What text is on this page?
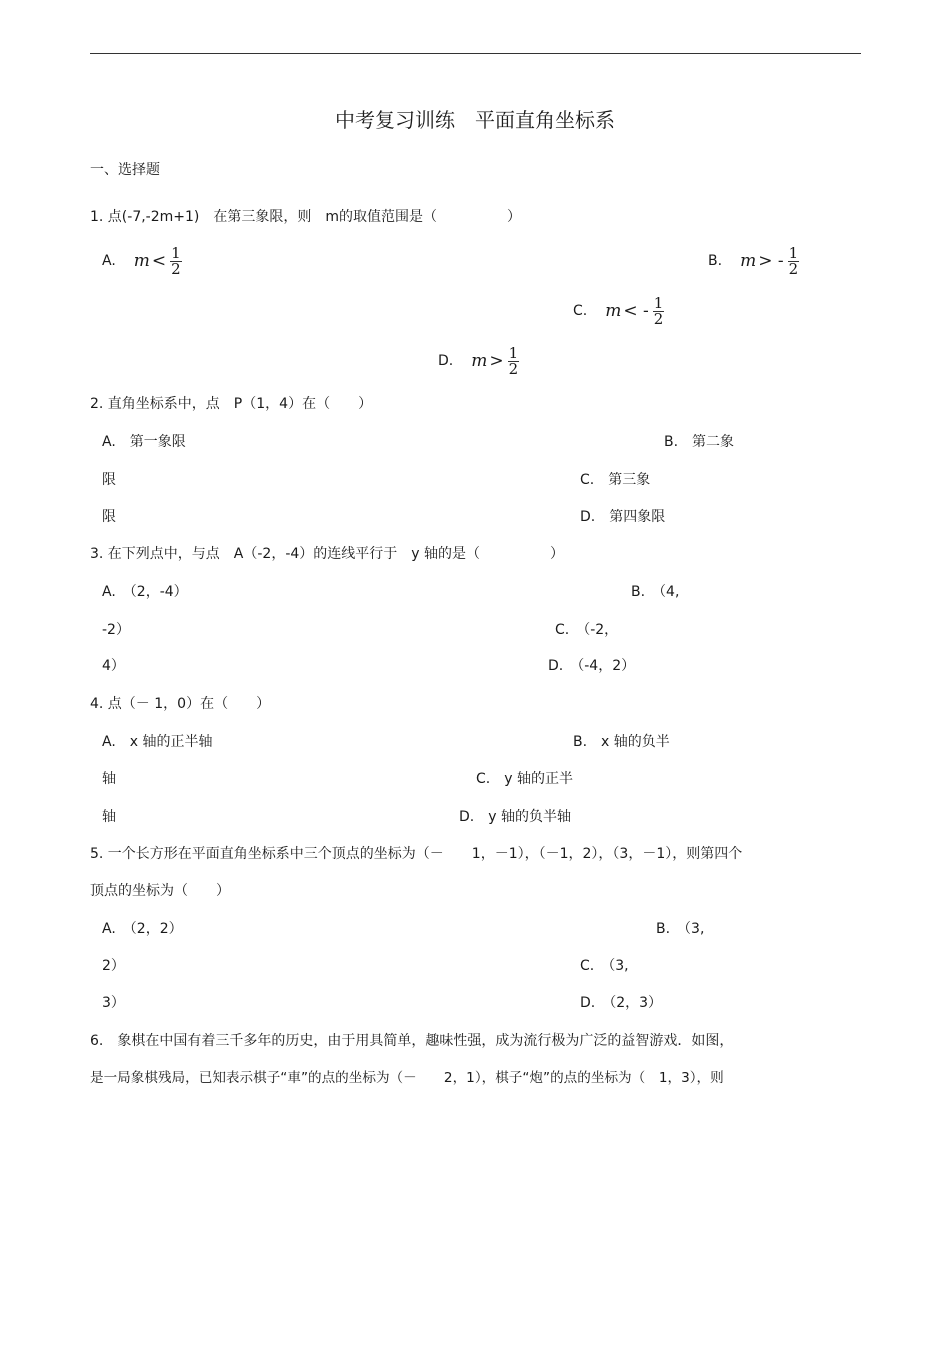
中考复习训练　平面直角坐标系
一、选择题
1. 点(-7,-2m+1)　在第三象限，则　m的取值范围是（　　　　　）
A. $m < \frac{1}{2}$	B. m > - $\frac{1}{2}$
C. m < - $\frac{1}{2}$
D. $m > \frac{1}{2}$
2. 直角坐标系中，点　P（1，4）在（　　）
A.　第一象限	B.　第二象
限	C.　第三象
限	D.　第四象限
3. 在下列点中，与点　A（-2，-4）的连线平行于　y 轴的是（　　　　　）
A.　（2，-4）	B.　（4,
-2）	C.　（-2，
4）	D.　（-4，2）
4. 点（－ 1，0）在（　　）
A.　x 轴的正半轴	B.　x 轴的负半
轴	C.　y 轴的正半
轴	D.　y 轴的负半轴
5. 一个长方形在平面直角坐标系中三个顶点的坐标为（－　　1，－1），（－1，2），（3，－1），则第四个
顶点的坐标为（　　）
A.　（2，2）	B.　（3,
2）	C.　（3,
3）	D.　（2，3）
6.　象棋在中国有着三千多年的历史，由于用具简单，趣味性强，成为流行极为广泛的益智游戏．如图，
是一局象棋残局，已知表示棋子“車”的点的坐标为（－　　2，1），棋子“炮”的点的坐标为（　1，3），则
